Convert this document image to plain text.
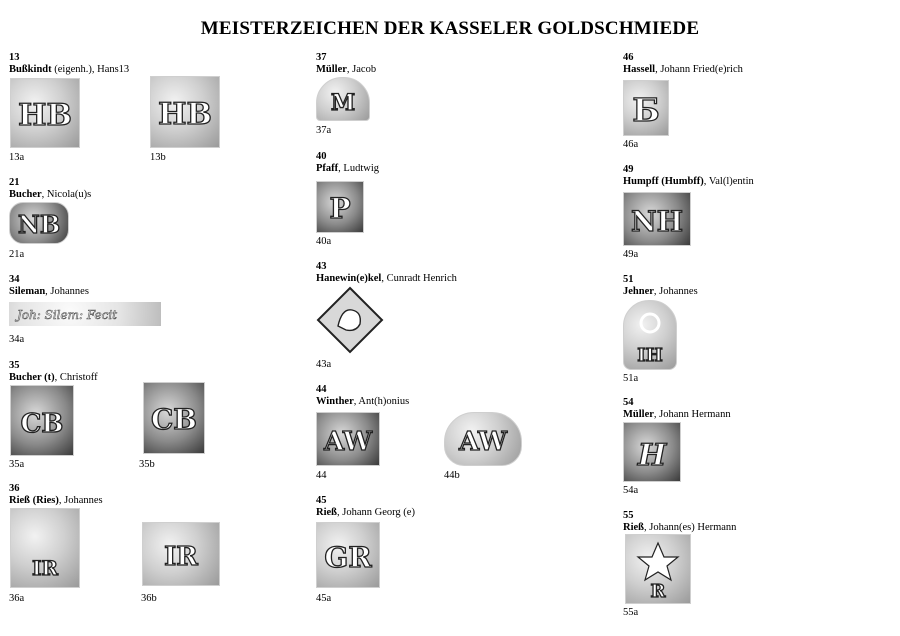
MEISTERZEICHEN DER KASSELER GOLDSCHMIEDE
13
Bußkindt (eigenh.), Hans13
HB
13a
HB
13b
21
Bucher, Nicola(u)s
NB
21a
34
Sileman, Johannes
Joh: Silem: Fecit
34a
35
Bucher (t), Christoff
CB
35a
CB
35b
36
Rieß (Ries), Johannes
IR
36a
IR
36b
37
Müller, Jacob
M
37a
40
Pfaff, Ludtwig
P
40a
43
Hanewin(e)kel, Cunradt Henrich
43a
44
Winther, Ant(h)onius
AW
44
AW
44b
45
Rieß, Johann Georg (e)
GR
45a
46
Hassell, Johann Fried(e)rich
Б
46a
49
Humpff (Humbff), Val(l)entin
NH
49a
51
Jehner, Johannes
IH
51a
54
Müller, Johann Hermann
H
54a
55
Rieß, Johann(es) Hermann
R
55a
